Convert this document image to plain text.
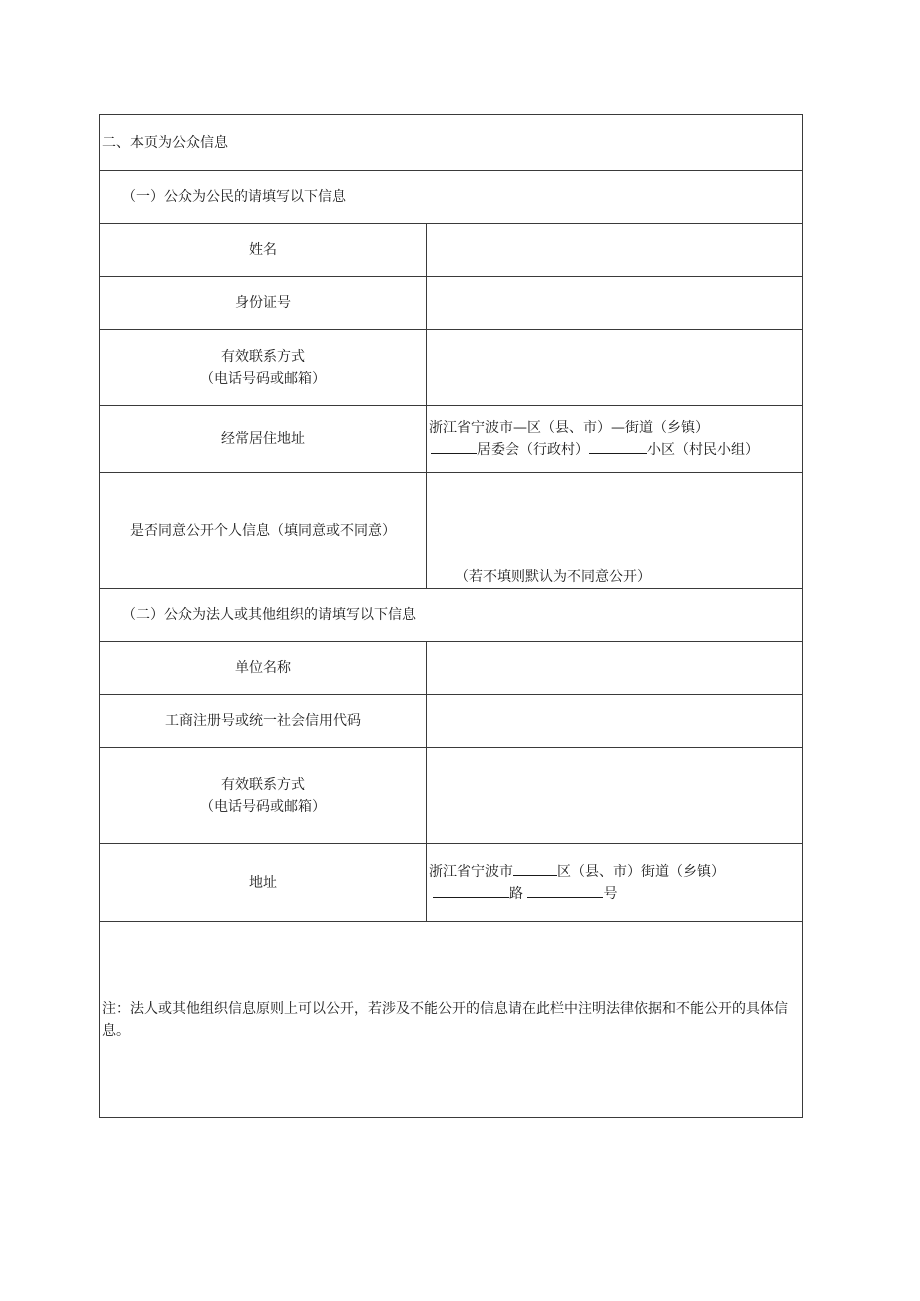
二、本页为公众信息	
（一）公众为公民的请填写以下信息	
姓名	
身份证号	

有效联系方式
（电话号码或邮箱）	

经常居住地址	浙江省宁波市—区（县、市）—街道（乡镇）
居委会（行政村） 小区（村民小组）

是否同意公开个人信息（填同意或不同意）	（若不填则默认为不同意公开）

（二）公众为法人或其他组织的请填写以下信息	
单位名称	
工商注册号或统一社会信用代码	

有效联系方式
（电话号码或邮箱）	

地址	浙江省宁波市 区（县、市）街道（乡镇）
路 号

注：法人或其他组织信息原则上可以公开，若涉及不能公开的信息请在此栏中注明法律依据和不能公开的具体信息。	
